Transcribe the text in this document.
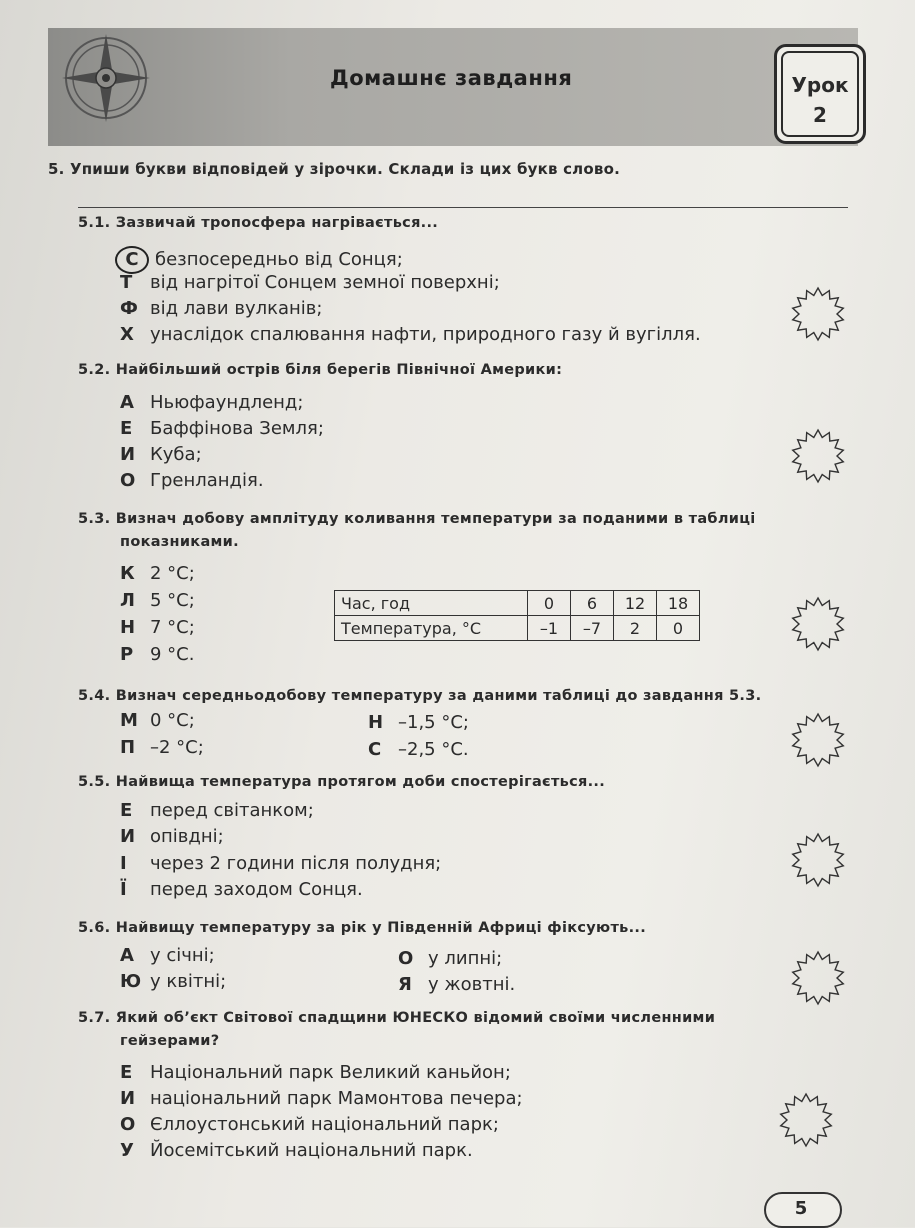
Домашнє завдання	Урок
2
5. Упиши букви відповідей у зірочки. Склади із цих букв слово.
5.1. Зазвичай тропосфера нагрівається...
С безпосередньо від Сонця;
Т від нагрітої Сонцем земної поверхні;
Ф від лави вулканів;
Х унаслідок спалювання нафти, природного газу й вугілля.
5.2. Найбільший острів біля берегів Північної Америки:
А Ньюфаундленд;
Е Баффінова Земля;
И Куба;
О Гренландія.
5.3. Визнач добову амплітуду коливання температури за поданими в таблиці
показниками.
К 2 °С;
Л 5 °С;
Н 7 °С;
Р 9 °С.
Час, год	0	6	12	18
Температура, °С	–1	–7	2	0
5.4. Визнач середньодобову температуру за даними таблиці до завдання 5.3.
М 0 °С;
П –2 °С;
Н –1,5 °С;
С –2,5 °С.
5.5. Найвища температура протягом доби спостерігається...
Е перед світанком;
И опівдні;
І через 2 години після полудня;
Ї перед заходом Сонця.
5.6. Найвищу температуру за рік у Південній Африці фіксують...
А у січні;
Ю у квітні;
О у липні;
Я у жовтні.
5.7. Який об’єкт Світової спадщини ЮНЕСКО відомий своїми численними
гейзерами?
Е Національний парк Великий каньйон;
И національний парк Мамонтова печера;
О Єллоустонський національний парк;
У Йосемітський національний парк.
5
